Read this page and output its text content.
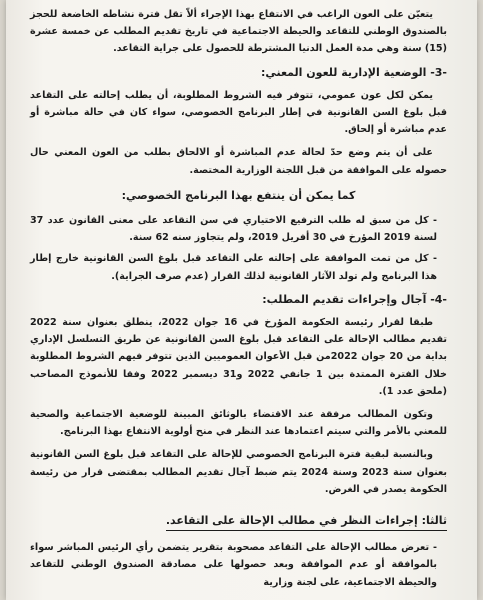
يتعيّن على العون الراغب في الانتفاع بهذا الإجراء ألاّ تقل فترة نشاطه الخاضعة للحجز بالصندوق الوطني للتقاعد والحيطة الاجتماعية في تاريخ تقديم المطلب عن خمسة عشرة (15) سنة وهي مدة العمل الدنيا المشترطة للحصول على جراية التقاعد.

-3- الوضعية الإدارية للعون المعني:

يمكن لكل عون عمومي، تتوفر فيه الشروط المطلوبة، أن يطلب إحالته على التقاعد قبل بلوغ السن القانونية في إطار البرنامج الخصوصي، سواء كان في حالة مباشرة أو عدم مباشرة أو إلحاق.

على أن يتم وضع حدّ لحالة عدم المباشرة أو الالحاق بطلب من العون المعني حال حصوله على الموافقة من قبل اللجنة الوزارية المختصة.

كما يمكن أن ينتفع بهذا البرنامج الخصوصي:

- كل من سبق له طلب الترفيع الاختياري في سن التقاعد على معنى القانون عدد 37 لسنة 2019 المؤرخ في 30 أفريل 2019، ولم يتجاوز سنه 62 سنة.

- كل من تمت الموافقة على إحالته على التقاعد قبل بلوغ السن القانونية خارج إطار هذا البرنامج ولم تولد الآثار القانونية لذلك القرار (عدم صرف الجراية).

-4- آجال وإجراءات تقديم المطلب:

طبقا لقرار رئيسة الحكومة المؤرخ في 16 جوان 2022، ينطلق بعنوان سنة 2022 تقديم مطالب الإحالة على التقاعد قبل بلوغ السن القانونية عن طريق التسلسل الإداري بداية من 20 جوان 2022من قبل الأعوان العموميين الذين تتوفر فيهم الشروط المطلوبة خلال الفترة الممتدة بين 1 جانفي 2022 و31 ديسمبر 2022 وفقا للأنموذج المصاحب (ملحق عدد 1).

وتكون المطالب مرفقة عند الاقتضاء بالوثائق المبينة للوضعية الاجتماعية والصحية للمعني بالأمر والتي سيتم اعتمادها عند النظر في منح أولوية الانتفاع بهذا البرنامج.

وبالنسبة لبقية فترة البرنامج الخصوصي للإحالة على التقاعد قبل بلوغ السن القانونية بعنوان سنة 2023 وسنة 2024 يتم ضبط آجال تقديم المطالب بمقتضى قرار من رئيسة الحكومة يصدر في الغرض.

ثالثا: إجراءات النظر في مطالب الإحالة على التقاعد.

- تعرض مطالب الإحالة على التقاعد مصحوبة بتقرير يتضمن رأي الرئيس المباشر سواء بالموافقة أو عدم الموافقة وبعد حصولها على مصادقة الصندوق الوطني للتقاعد والحيطة الاجتماعية، على لجنة وزارية
